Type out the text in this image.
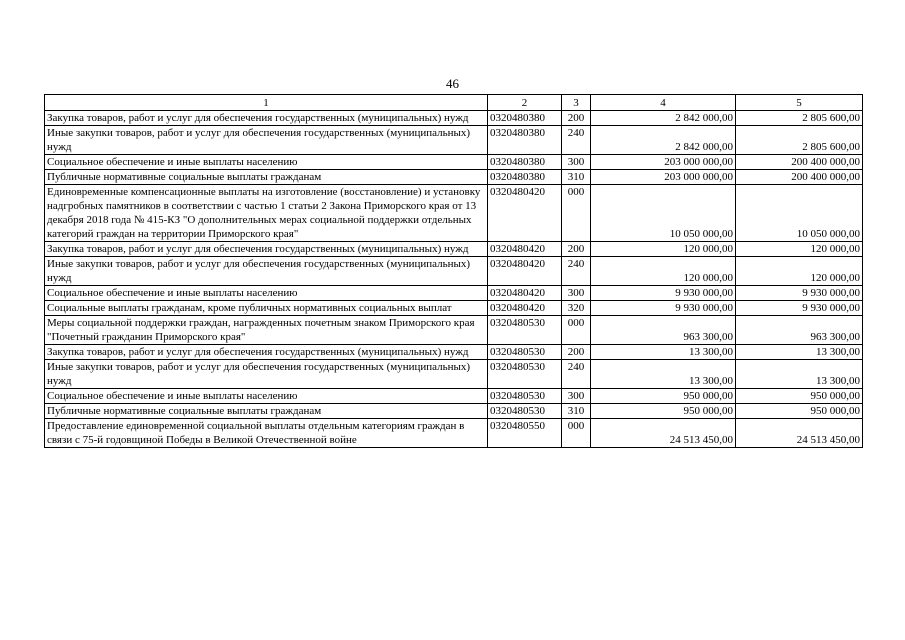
46
1	2	3	4	5
Закупка товаров, работ и услуг для обеспечения государственных (муниципальных) нужд	0320480380	200	2 842 000,00	2 805 600,00
Иные закупки товаров, работ и услуг для обеспечения государственных (муниципальных) нужд	0320480380	240	2 842 000,00	2 805 600,00
Социальное обеспечение и иные выплаты населению	0320480380	300	203 000 000,00	200 400 000,00
Публичные нормативные социальные выплаты гражданам	0320480380	310	203 000 000,00	200 400 000,00
Единовременные компенсационные выплаты на изготовление (восстановление) и установку надгробных памятников в соответствии с частью 1 статьи 2 Закона Приморского края от 13 декабря 2018 года № 415-КЗ "О дополнительных мерах социальной поддержки отдельных категорий граждан на территории Приморского края"	0320480420	000	10 050 000,00	10 050 000,00
Закупка товаров, работ и услуг для обеспечения государственных (муниципальных) нужд	0320480420	200	120 000,00	120 000,00
Иные закупки товаров, работ и услуг для обеспечения государственных (муниципальных) нужд	0320480420	240	120 000,00	120 000,00
Социальное обеспечение и иные выплаты населению	0320480420	300	9 930 000,00	9 930 000,00
Социальные выплаты гражданам, кроме публичных нормативных социальных выплат	0320480420	320	9 930 000,00	9 930 000,00
Меры социальной поддержки граждан, награжденных почетным знаком Приморского края "Почетный гражданин Приморского края"	0320480530	000	963 300,00	963 300,00
Закупка товаров, работ и услуг для обеспечения государственных (муниципальных) нужд	0320480530	200	13 300,00	13 300,00
Иные закупки товаров, работ и услуг для обеспечения государственных (муниципальных) нужд	0320480530	240	13 300,00	13 300,00
Социальное обеспечение и иные выплаты населению	0320480530	300	950 000,00	950 000,00
Публичные нормативные социальные выплаты гражданам	0320480530	310	950 000,00	950 000,00
Предоставление единовременной социальной выплаты отдельным категориям граждан в связи с 75-й годовщиной Победы в Великой Отечественной войне	0320480550	000	24 513 450,00	24 513 450,00
